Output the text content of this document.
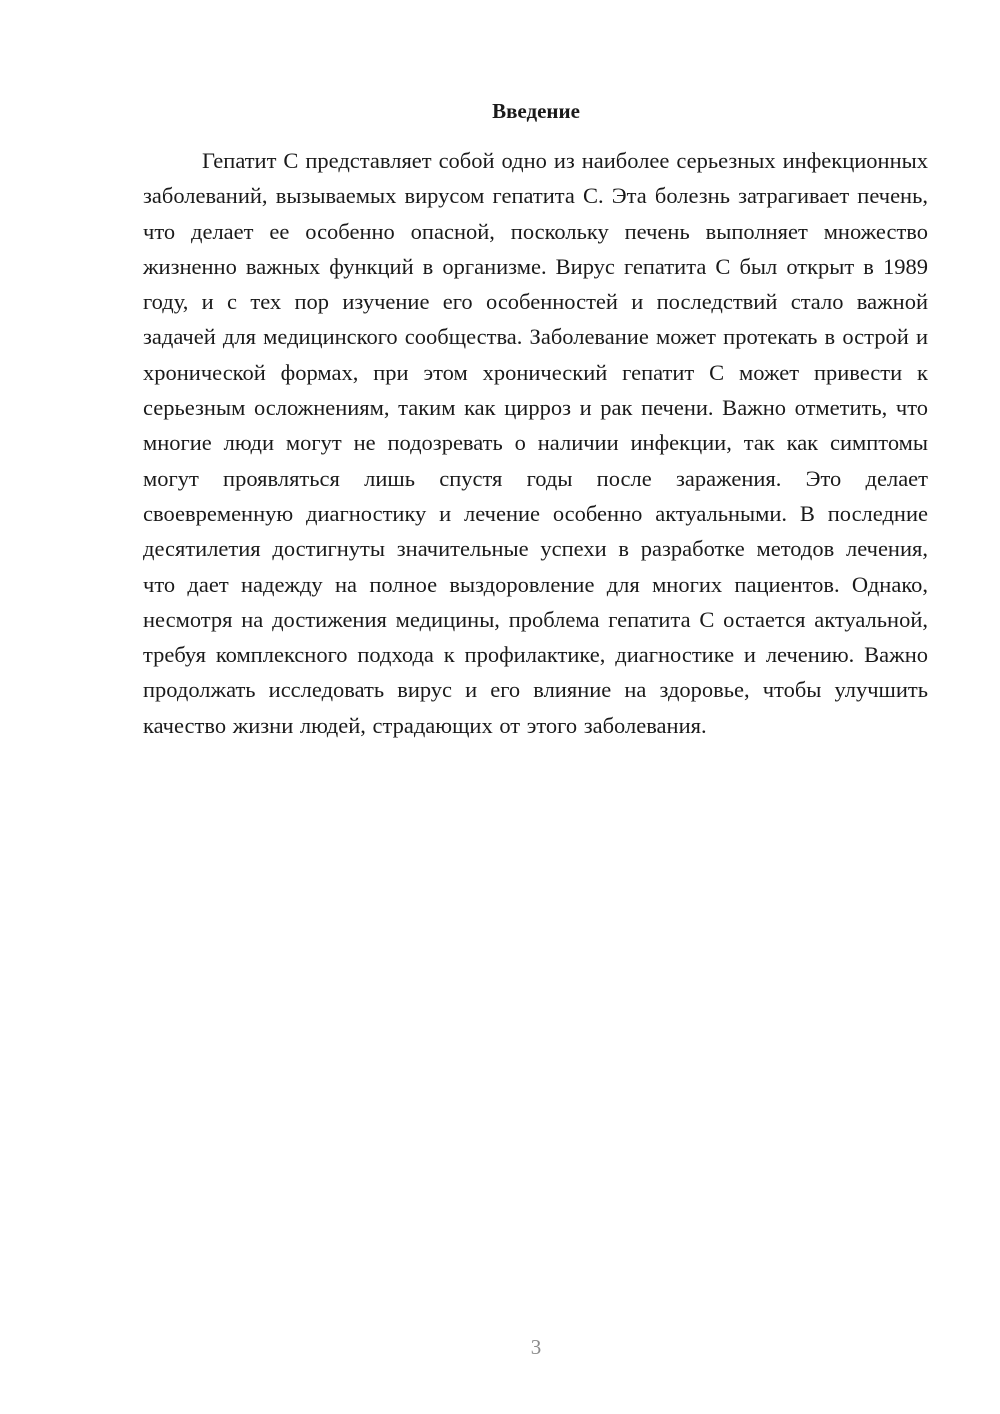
Введение

Гепатит С представляет собой одно из наиболее серьезных инфекционных заболеваний, вызываемых вирусом гепатита С. Эта болезнь затрагивает печень, что делает ее особенно опасной, поскольку печень выполняет множество жизненно важных функций в организме. Вирус гепатита С был открыт в 1989 году, и с тех пор изучение его особенностей и последствий стало важной задачей для медицинского сообщества. Заболевание может протекать в острой и хронической формах, при этом хронический гепатит С может привести к серьезным осложнениям, таким как цирроз и рак печени. Важно отметить, что многие люди могут не подозревать о наличии инфекции, так как симптомы могут проявляться лишь спустя годы после заражения. Это делает своевременную диагностику и лечение особенно актуальными. В последние десятилетия достигнуты значительные успехи в разработке методов лечения, что дает надежду на полное выздоровление для многих пациентов. Однако, несмотря на достижения медицины, проблема гепатита С остается актуальной, требуя комплексного подхода к профилактике, диагностике и лечению. Важно продолжать исследовать вирус и его влияние на здоровье, чтобы улучшить качество жизни людей, страдающих от этого заболевания.

3
